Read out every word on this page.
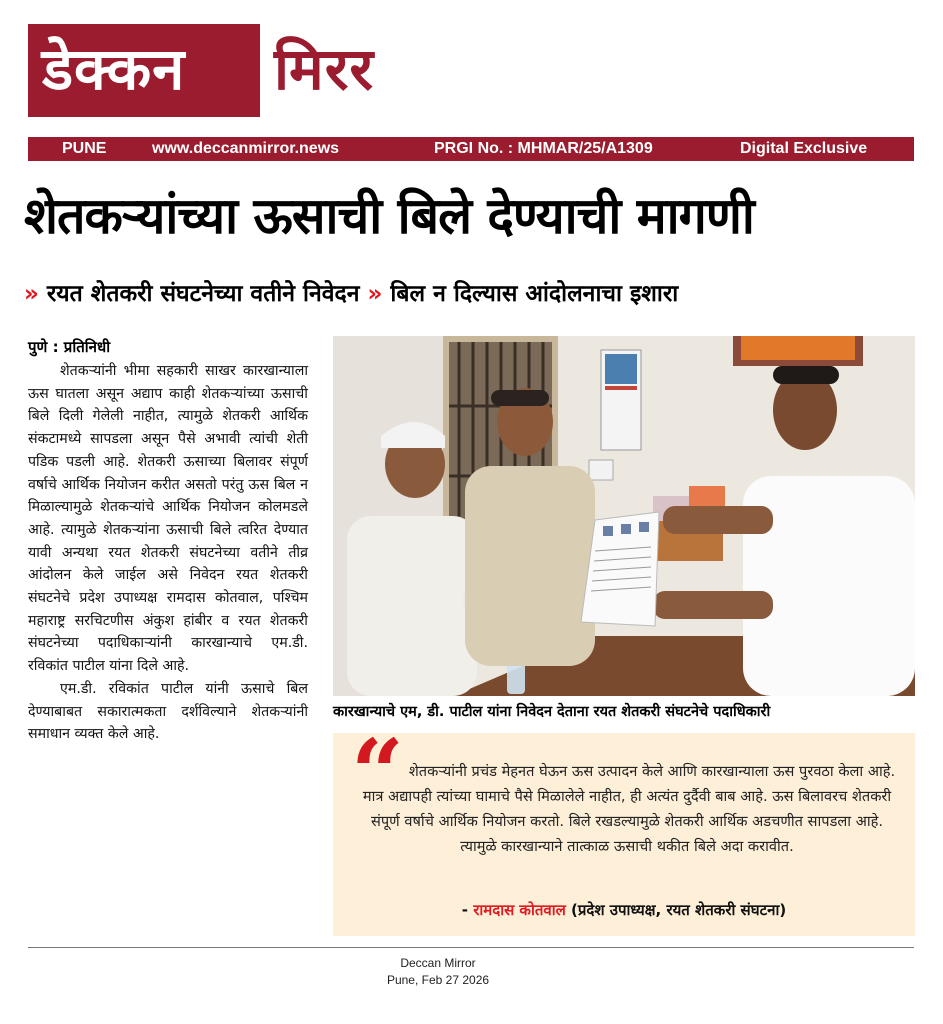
डेक्कन मिरर
PUNE	www.deccanmirror.news	PRGI No. : MHMAR/25/A1309	Digital Exclusive
शेतकऱ्यांच्या ऊसाची बिले देण्याची मागणी
» रयत शेतकरी संघटनेच्या वतीने निवेदन » बिल न दिल्यास आंदोलनाचा इशारा
पुणे : प्रतिनिधी

शेतकऱ्यांनी भीमा सहकारी साखर कारखान्याला ऊस घातला असून अद्याप काही शेतकऱ्यांच्या ऊसाची बिले दिली गेलेली नाहीत, त्यामुळे शेतकरी आर्थिक संकटामध्ये सापडला असून पैसे अभावी त्यांची शेती पडिक पडली आहे. शेतकरी ऊसाच्या बिलावर संपूर्ण वर्षाचे आर्थिक नियोजन करीत असतो परंतु ऊस बिल न मिळाल्यामुळे शेतकऱ्यांचे आर्थिक नियोजन कोलमडले आहे. त्यामुळे शेतकऱ्यांना ऊसाची बिले त्वरित देण्यात यावी अन्यथा रयत शेतकरी संघटनेच्या वतीने तीव्र आंदोलन केले जाईल असे निवेदन रयत शेतकरी संघटनेचे प्रदेश उपाध्यक्ष रामदास कोतवाल, पश्चिम महाराष्ट्र सरचिटणीस अंकुश हांबीर व रयत शेतकरी संघटनेच्या पदाधिकाऱ्यांनी कारखान्याचे एम.डी. रविकांत पाटील यांना दिले आहे.

एम.डी. रविकांत पाटील यांनी ऊसाचे बिल देण्याबाबत सकारात्मकता दर्शविल्याने शेतकऱ्यांनी समाधान व्यक्त केले आहे.

कारखान्याचे एम, डी. पाटील यांना निवेदन देताना रयत शेतकरी संघटनेचे पदाधिकारी
“ शेतकऱ्यांनी प्रचंड मेहनत घेऊन ऊस उत्पादन केले आणि कारखान्याला ऊस पुरवठा केला आहे. मात्र अद्यापही त्यांच्या घामाचे पैसे मिळालेले नाहीत, ही अत्यंत दुर्दैवी बाब आहे. ऊस बिलावरच शेतकरी संपूर्ण वर्षाचे आर्थिक नियोजन करतो. बिले रखडल्यामुळे शेतकरी आर्थिक अडचणीत सापडला आहे. त्यामुळे कारखान्याने तात्काळ ऊसाची थकीत बिले अदा करावीत.
- रामदास कोतवाल (प्रदेश उपाध्यक्ष, रयत शेतकरी संघटना)
Deccan Mirror
Pune, Feb 27 2026
